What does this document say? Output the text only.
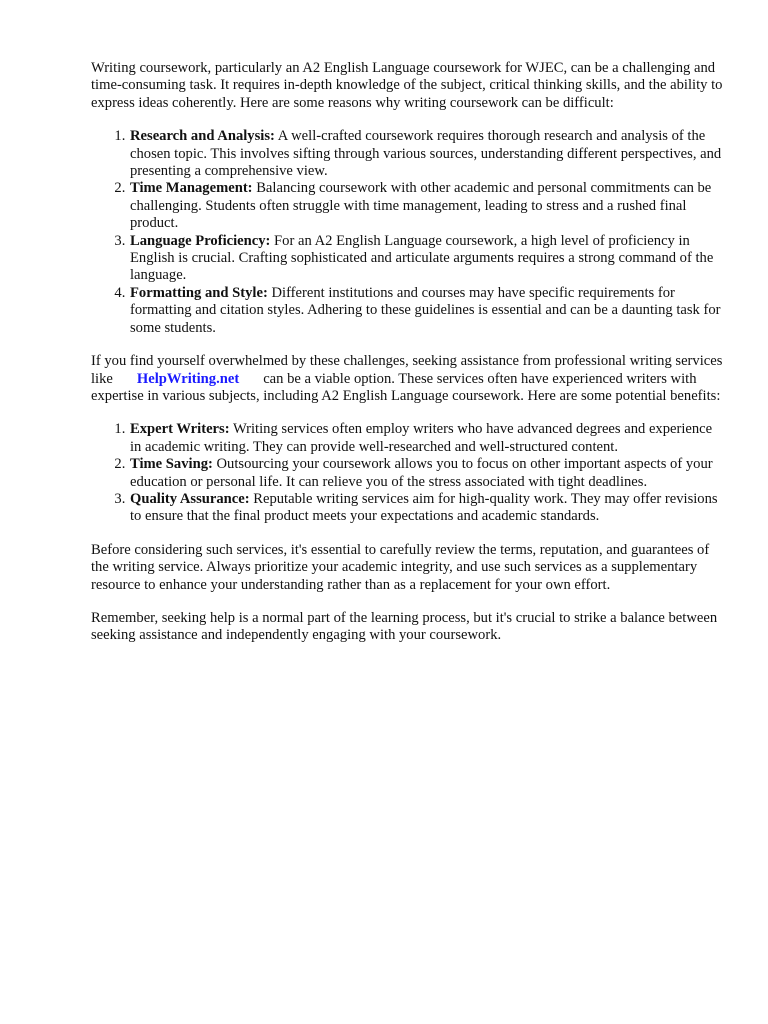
Writing coursework, particularly an A2 English Language coursework for WJEC, can be a challenging and time-consuming task. It requires in-depth knowledge of the subject, critical thinking skills, and the ability to express ideas coherently. Here are some reasons why writing coursework can be difficult:

1. Research and Analysis: A well-crafted coursework requires thorough research and analysis of the chosen topic. This involves sifting through various sources, understanding different perspectives, and presenting a comprehensive view.
2. Time Management: Balancing coursework with other academic and personal commitments can be challenging. Students often struggle with time management, leading to stress and a rushed final product.
3. Language Proficiency: For an A2 English Language coursework, a high level of proficiency in English is crucial. Crafting sophisticated and articulate arguments requires a strong command of the language.
4. Formatting and Style: Different institutions and courses may have specific requirements for formatting and citation styles. Adhering to these guidelines is essential and can be a daunting task for some students.

If you find yourself overwhelmed by these challenges, seeking assistance from professional writing services like HelpWriting.net can be a viable option. These services often have experienced writers with expertise in various subjects, including A2 English Language coursework. Here are some potential benefits:

1. Expert Writers: Writing services often employ writers who have advanced degrees and experience in academic writing. They can provide well-researched and well-structured content.
2. Time Saving: Outsourcing your coursework allows you to focus on other important aspects of your education or personal life. It can relieve you of the stress associated with tight deadlines.
3. Quality Assurance: Reputable writing services aim for high-quality work. They may offer revisions to ensure that the final product meets your expectations and academic standards.

Before considering such services, it's essential to carefully review the terms, reputation, and guarantees of the writing service. Always prioritize your academic integrity, and use such services as a supplementary resource to enhance your understanding rather than as a replacement for your own effort.

Remember, seeking help is a normal part of the learning process, but it's crucial to strike a balance between seeking assistance and independently engaging with your coursework.
